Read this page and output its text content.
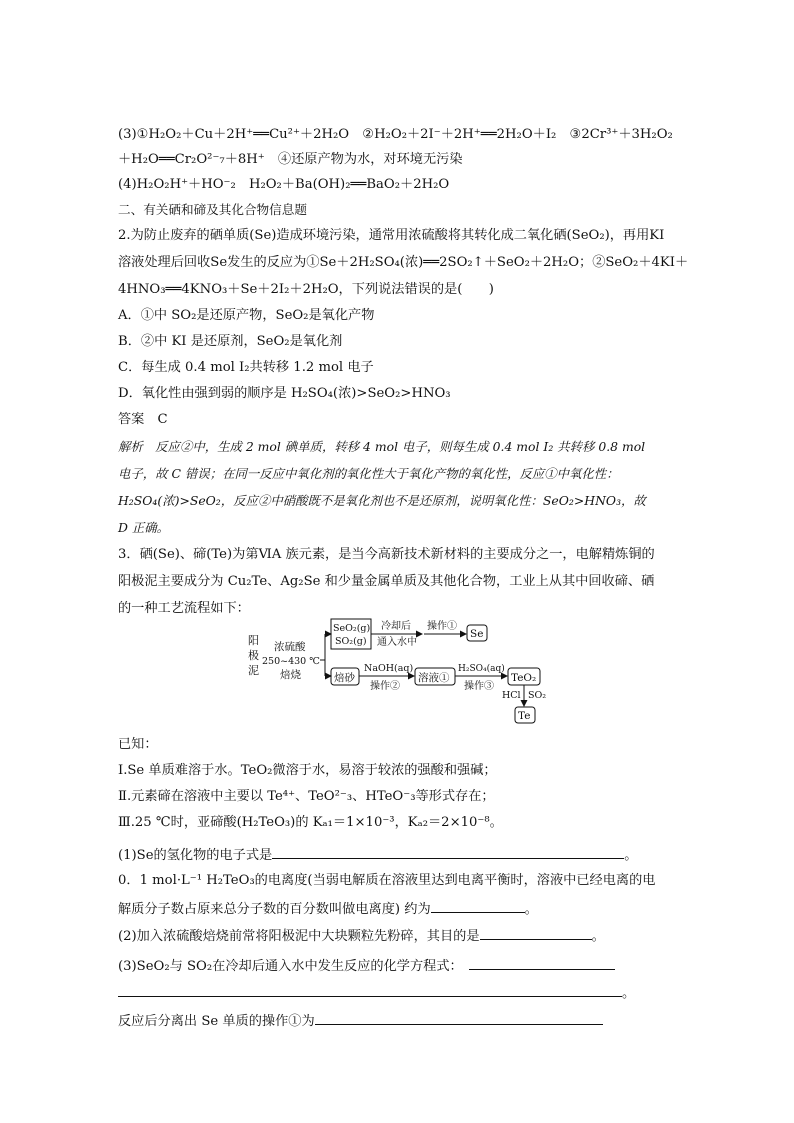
(3)①H₂O₂＋Cu＋2H⁺══Cu²⁺＋2H₂O　②H₂O₂＋2I⁻＋2H⁺══2H₂O＋I₂　③2Cr³⁺＋3H₂O₂
＋H₂O══Cr₂O²⁻₇＋8H⁺　④还原产物为水，对环境无污染
(4)H₂O₂H⁺＋HO⁻₂　H₂O₂＋Ba(OH)₂══BaO₂＋2H₂O
二、有关硒和碲及其化合物信息题
2.为防止废弃的硒单质(Se)造成环境污染，通常用浓硫酸将其转化成二氧化硒(SeO₂)，再用KI
溶液处理后回收Se发生的反应为①Se＋2H₂SO₄(浓)══2SO₂↑＋SeO₂＋2H₂O；②SeO₂＋4KI＋
4HNO₃══4KNO₃＋Se＋2I₂＋2H₂O，下列说法错误的是(　　)
A．①中 SO₂是还原产物，SeO₂是氧化产物
B．②中 KI 是还原剂，SeO₂是氧化剂
C．每生成 0.4 mol I₂共转移 1.2 mol 电子
D．氧化性由强到弱的顺序是 H₂SO₄(浓)>SeO₂>HNO₃
答案　C
解析　反应②中，生成 2 mol 碘单质，转移 4 mol 电子，则每生成 0.4 mol I₂ 共转移 0.8 mol
电子，故 C 错误；在同一反应中氧化剂的氧化性大于氧化产物的氧化性，反应①中氧化性：
H₂SO₄(浓)>SeO₂，反应②中硝酸既不是氧化剂也不是还原剂，说明氧化性：SeO₂>HNO₃，故
D 正确。
3．硒(Se)、碲(Te)为第ⅥA 族元素，是当今高新技术新材料的主要成分之一，电解精炼铜的
阳极泥主要成分为 Cu₂Te、Ag₂Se 和少量金属单质及其他化合物，工业上从其中回收碲、硒
的一种工艺流程如下：
阳
极
泥
浓硫酸
250~430 ℃
焙烧
SeO₂(g)
SO₂(g)
冷却后
通入水中
操作①
Se
焙砂
NaOH(aq)
操作②
溶液①
H₂SO₄(aq)
操作③
TeO₂
HCl SO₂
Te
已知：
Ⅰ.Se 单质难溶于水。TeO₂微溶于水，易溶于较浓的强酸和强碱；
Ⅱ.元素碲在溶液中主要以 Te⁴⁺、TeO²⁻₃、HTeO⁻₃等形式存在；
Ⅲ.25 ℃时，亚碲酸(H₂TeO₃)的 Kₐ₁＝1×10⁻³，Kₐ₂＝2×10⁻⁸。
(1)Se的氢化物的电子式是	。
0．1 mol·L⁻¹ H₂TeO₃的电离度(当弱电解质在溶液里达到电离平衡时，溶液中已经电离的电
解质分子数占原来总分子数的百分数叫做电离度) 约为	。
(2)加入浓硫酸焙烧前常将阳极泥中大块颗粒先粉碎，其目的是	。
(3)SeO₂与 SO₂在冷却后通入水中发生反应的化学方程式：　
。
反应后分离出 Se 单质的操作①为
